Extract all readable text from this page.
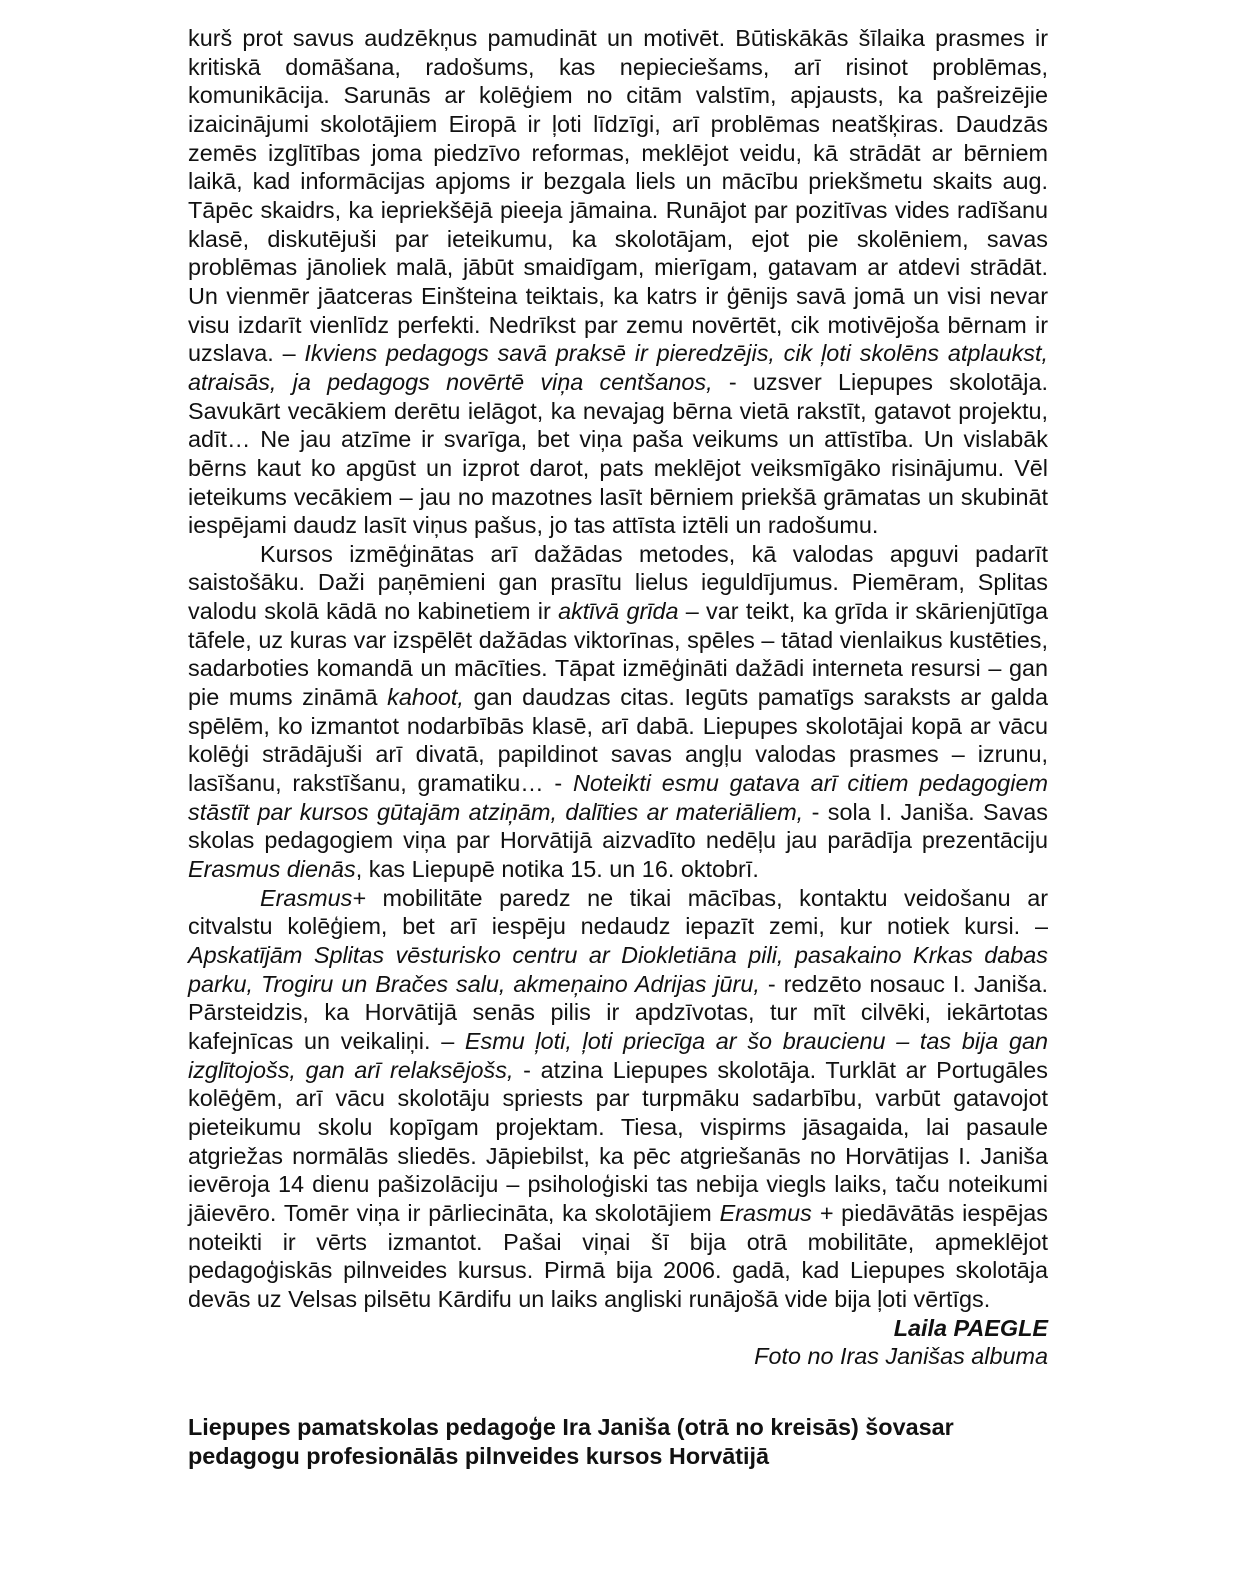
kurš prot savus audzēkņus pamudināt un motivēt. Būtiskākās šīlaika prasmes ir kritiskā domāšana, radošums, kas nepieciešams, arī risinot problēmas, komunikācija. Sarunās ar kolēģiem no citām valstīm, apjausts, ka pašreizējie izaicinājumi skolotājiem Eiropā ir ļoti līdzīgi, arī problēmas neatšķiras. Daudzās zemēs izglītības joma piedzīvo reformas, meklējot veidu, kā strādāt ar bērniem laikā, kad informācijas apjoms ir bezgala liels un mācību priekšmetu skaits aug. Tāpēc skaidrs, ka iepriekšējā pieeja jāmaina. Runājot par pozitīvas vides radīšanu klasē, diskutējuši par ieteikumu, ka skolotājam, ejot pie skolēniem, savas problēmas jānoliek malā, jābūt smaidīgam, mierīgam, gatavam ar atdevi strādāt. Un vienmēr jāatceras Einšteina teiktais, ka katrs ir ģēnijs savā jomā un visi nevar visu izdarīt vienlīdz perfekti. Nedrīkst par zemu novērtēt, cik motivējoša bērnam ir uzslava. – Ikviens pedagogs savā praksē ir pieredzējis, cik ļoti skolēns atplaukst, atraisās, ja pedagogs novērtē viņa centšanos, - uzsver Liepupes skolotāja. Savukārt vecākiem derētu ielāgot, ka nevajag bērna vietā rakstīt, gatavot projektu, adīt… Ne jau atzīme ir svarīga, bet viņa paša veikums un attīstība. Un vislabāk bērns kaut ko apgūst un izprot darot, pats meklējot veiksmīgāko risinājumu. Vēl ieteikums vecākiem – jau no mazotnes lasīt bērniem priekšā grāmatas un skubināt iespējami daudz lasīt viņus pašus, jo tas attīsta iztēli un radošumu.

Kursos izmēģinātas arī dažādas metodes, kā valodas apguvi padarīt saistošāku. Daži paņēmieni gan prasītu lielus ieguldījumus. Piemēram, Splitas valodu skolā kādā no kabinetiem ir aktīvā grīda – var teikt, ka grīda ir skārienjūtīga tāfele, uz kuras var izspēlēt dažādas viktorīnas, spēles – tātad vienlaikus kustēties, sadarboties komandā un mācīties. Tāpat izmēģināti dažādi interneta resursi – gan pie mums zināmā kahoot, gan daudzas citas. Iegūts pamatīgs saraksts ar galda spēlēm, ko izmantot nodarbībās klasē, arī dabā. Liepupes skolotājai kopā ar vācu kolēģi strādājuši arī divatā, papildinot savas angļu valodas prasmes – izrunu, lasīšanu, rakstīšanu, gramatiku… - Noteikti esmu gatava arī citiem pedagogiem stāstīt par kursos gūtajām atziņām, dalīties ar materiāliem, - sola I. Janiša. Savas skolas pedagogiem viņa par Horvātijā aizvadīto nedēļu jau parādīja prezentāciju Erasmus dienās, kas Liepupē notika 15. un 16. oktobrī.

Erasmus+ mobilitāte paredz ne tikai mācības, kontaktu veidošanu ar citvalstu kolēģiem, bet arī iespēju nedaudz iepazīt zemi, kur notiek kursi. – Apskatījām Splitas vēsturisko centru ar Diokletiāna pili, pasakaino Krkas dabas parku, Trogiru un Bračes salu, akmeņaino Adrijas jūru, - redzēto nosauc I. Janiša. Pārsteidzis, ka Horvātijā senās pilis ir apdzīvotas, tur mīt cilvēki, iekārtotas kafejnīcas un veikaliņi. – Esmu ļoti, ļoti priecīga ar šo braucienu – tas bija gan izglītojošs, gan arī relaksējošs, - atzina Liepupes skolotāja. Turklāt ar Portugāles kolēģēm, arī vācu skolotāju spriests par turpmāku sadarbību, varbūt gatavojot pieteikumu skolu kopīgam projektam. Tiesa, vispirms jāsagaida, lai pasaule atgriežas normālās sliedēs. Jāpiebilst, ka pēc atgriešanās no Horvātijas I. Janiša ievēroja 14 dienu pašizolāciju – psiholoģiski tas nebija viegls laiks, taču noteikumi jāievēro. Tomēr viņa ir pārliecināta, ka skolotājiem Erasmus + piedāvātās iespējas noteikti ir vērts izmantot. Pašai viņai šī bija otrā mobilitāte, apmeklējot pedagoģiskās pilnveides kursus. Pirmā bija 2006. gadā, kad Liepupes skolotāja devās uz Velsas pilsētu Kārdifu un laiks angliski runājošā vide bija ļoti vērtīgs.

Laila PAEGLE

Foto no Iras Janišas albuma

Liepupes pamatskolas pedagoģe Ira Janiša (otrā no kreisās) šovasar pedagogu profesionālās pilnveides kursos Horvātijā
